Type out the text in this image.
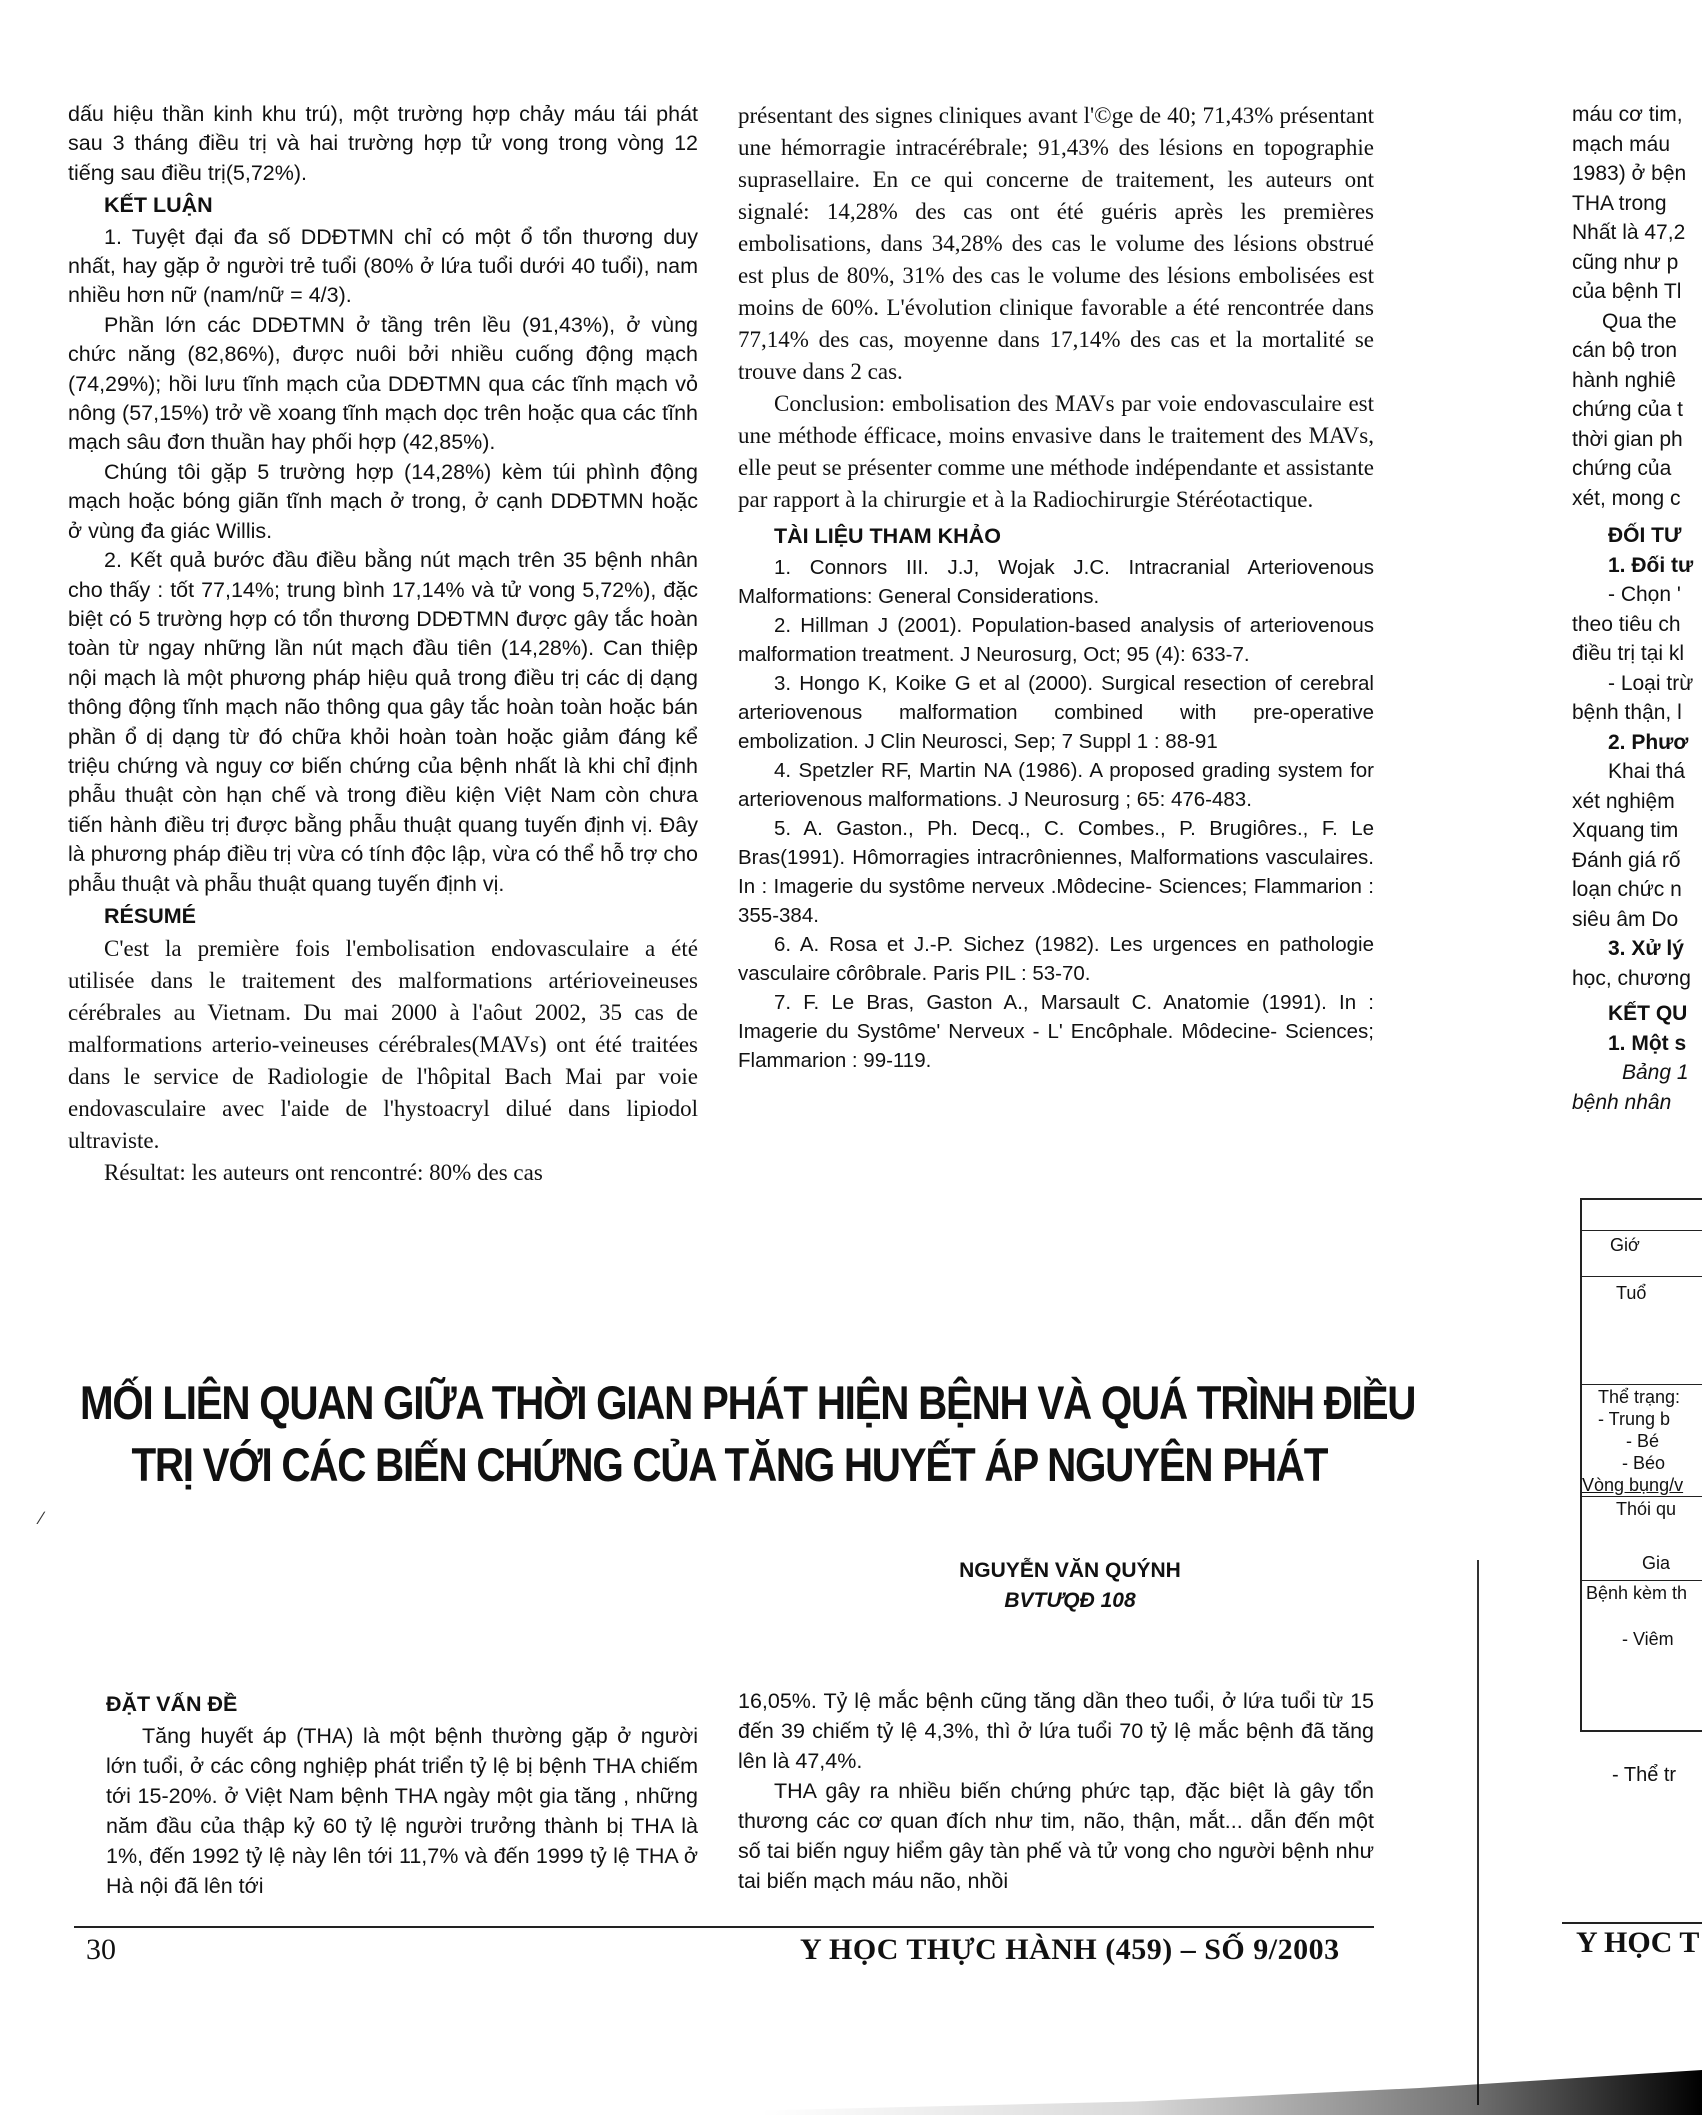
dấu hiệu thần kinh khu trú), một trường hợp chảy máu tái phát sau 3 tháng điều trị và hai trường hợp tử vong trong vòng 12 tiếng sau điều trị(5,72%).

KẾT LUẬN

1. Tuyệt đại đa số DDĐTMN chỉ có một ổ tổn thương duy nhất, hay gặp ở người trẻ tuổi (80% ở lứa tuổi dưới 40 tuổi), nam nhiều hơn nữ (nam/nữ = 4/3).

Phần lớn các DDĐTMN ở tầng trên lều (91,43%), ở vùng chức năng (82,86%), được nuôi bởi nhiều cuống động mạch (74,29%); hồi lưu tĩnh mạch của DDĐTMN qua các tĩnh mạch vỏ nông (57,15%) trở về xoang tĩnh mạch dọc trên hoặc qua các tĩnh mạch sâu đơn thuần hay phối hợp (42,85%).

Chúng tôi gặp 5 trường hợp (14,28%) kèm túi phình động mạch hoặc bóng giãn tĩnh mạch ở trong, ở cạnh DDĐTMN hoặc ở vùng đa giác Willis.

2. Kết quả bước đầu điều bằng nút mạch trên 35 bệnh nhân cho thấy : tốt 77,14%; trung bình 17,14% và tử vong 5,72%), đặc biệt có 5 trường hợp có tổn thương DDĐTMN được gây tắc hoàn toàn từ ngay những lần nút mạch đầu tiên (14,28%). Can thiệp nội mạch là một phương pháp hiệu quả trong điều trị các dị dạng thông động tĩnh mạch não thông qua gây tắc hoàn toàn hoặc bán phần ổ dị dạng từ đó chữa khỏi hoàn toàn hoặc giảm đáng kể triệu chứng và nguy cơ biến chứng của bệnh nhất là khi chỉ định phẫu thuật còn hạn chế và trong điều kiện Việt Nam còn chưa tiến hành điều trị được bằng phẫu thuật quang tuyến định vị. Đây là phương pháp điều trị vừa có tính độc lập, vừa có thể hỗ trợ cho phẫu thuật và phẫu thuật quang tuyến định vị.

RÉSUMÉ

C'est la première fois l'embolisation endovasculaire a été utilisée dans le traitement des malformations artérioveineuses cérébrales au Vietnam. Du mai 2000 à l'aôut 2002, 35 cas de malformations arterio-veineuses cérébrales(MAVs) ont été traitées dans le service de Radiologie de l'hôpital Bach Mai par voie endovasculaire avec l'aide de l'hystoacryl dilué dans lipiodol ultraviste.

Résultat: les auteurs ont rencontré: 80% des cas

présentant des signes cliniques avant l'©ge de 40; 71,43% présentant une hémorragie intracérébrale; 91,43% des lésions en topographie suprasellaire. En ce qui concerne de traitement, les auteurs ont signalé: 14,28% des cas ont été guéris après les premières embolisations, dans 34,28% des cas le volume des lésions obstrué est plus de 80%, 31% des cas le volume des lésions embolisées est moins de 60%. L'évolution clinique favorable a été rencontrée dans 77,14% des cas, moyenne dans 17,14% des cas et la mortalité se trouve dans 2 cas.

Conclusion: embolisation des MAVs par voie endovasculaire est une méthode éfficace, moins envasive dans le traitement des MAVs, elle peut se présenter comme une méthode indépendante et assistante par rapport à la chirurgie et à la Radiochirurgie Stéréotactique.

TÀI LIỆU THAM KHẢO

1. Connors III. J.J, Wojak J.C. Intracranial Arteriovenous Malformations: General Considerations.

2. Hillman J (2001). Population-based analysis of arteriovenous malformation treatment. J Neurosurg, Oct; 95 (4): 633-7.

3. Hongo K, Koike G et al (2000). Surgical resection of cerebral arteriovenous malformation combined with pre-operative embolization. J Clin Neurosci, Sep; 7 Suppl 1 : 88-91

4. Spetzler RF, Martin NA (1986). A proposed grading system for arteriovenous malformations. J Neurosurg ; 65: 476-483.

5. A. Gaston., Ph. Decq., C. Combes., P. Brugiôres., F. Le Bras(1991). Hômorragies intracrôniennes, Malformations vasculaires. In : Imagerie du systôme nerveux .Môdecine- Sciences; Flammarion : 355-384.

6. A. Rosa et J.-P. Sichez (1982). Les urgences en pathologie vasculaire côrôbrale. Paris PIL : 53-70.

7. F. Le Bras, Gaston A., Marsault C. Anatomie (1991). In : Imagerie du Systôme' Nerveux - L' Encôphale. Môdecine- Sciences; Flammarion : 99-119.

MỐI LIÊN QUAN GIỮA THỜI GIAN PHÁT HIỆN BỆNH VÀ QUÁ TRÌNH ĐIỀU
TRỊ VỚI CÁC BIẾN CHỨNG CỦA TĂNG HUYẾT ÁP NGUYÊN PHÁT
NGUYỄN VĂN QUÝNH
BVTƯQĐ 108
ĐẶT VẤN ĐỀ

Tăng huyết áp (THA) là một bệnh thường gặp ở người lớn tuổi, ở các công nghiệp phát triển tỷ lệ bị bệnh THA chiếm tới 15-20%. ở Việt Nam bệnh THA ngày một gia tăng , những năm đầu của thập kỷ 60 tỷ lệ người trưởng thành bị THA là 1%, đến 1992 tỷ lệ này lên tới 11,7% và đến 1999 tỷ lệ THA ở Hà nội đã lên tới

16,05%. Tỷ lệ mắc bệnh cũng tăng dần theo tuổi, ở lứa tuổi từ 15 đến 39 chiếm tỷ lệ 4,3%, thì ở lứa tuổi 70 tỷ lệ mắc bệnh đã tăng lên là 47,4%.

THA gây ra nhiều biến chứng phức tạp, đặc biệt là gây tổn thương các cơ quan đích như tim, não, thận, mắt... dẫn đến một số tai biến nguy hiểm gây tàn phế và tử vong cho người bệnh như tai biến mạch máu não, nhồi

30	Y HỌC THỰC HÀNH (459) – SỐ 9/2003
máu cơ tim,
mạch máu
1983) ở bện
THA trong
Nhất là 47,2
cũng như p
của bệnh Tl
Qua the
cán bộ tron
hành nghiê
chứng của t
thời gian ph
chứng của
xét, mong c
ĐỐI TƯ
1. Đối tư
- Chọn '
theo tiêu ch
điều trị tại kl
- Loại trừ
bệnh thận, l
2. Phươ
Khai thá
xét nghiệm
Xquang tim
Đánh giá rố
loạn chức n
siêu âm Do
3. Xử lý
học, chương
KẾT QU
1. Một s
Bảng 1
bệnh nhân
Giớ
Tuổ
Thể trạng:
- Trung b
- Bé
- Béo
Vòng bụng/v
Thói qu
Gia
Bệnh kèm th
- Viêm
- Thể tr
Y HỌC T
∕
